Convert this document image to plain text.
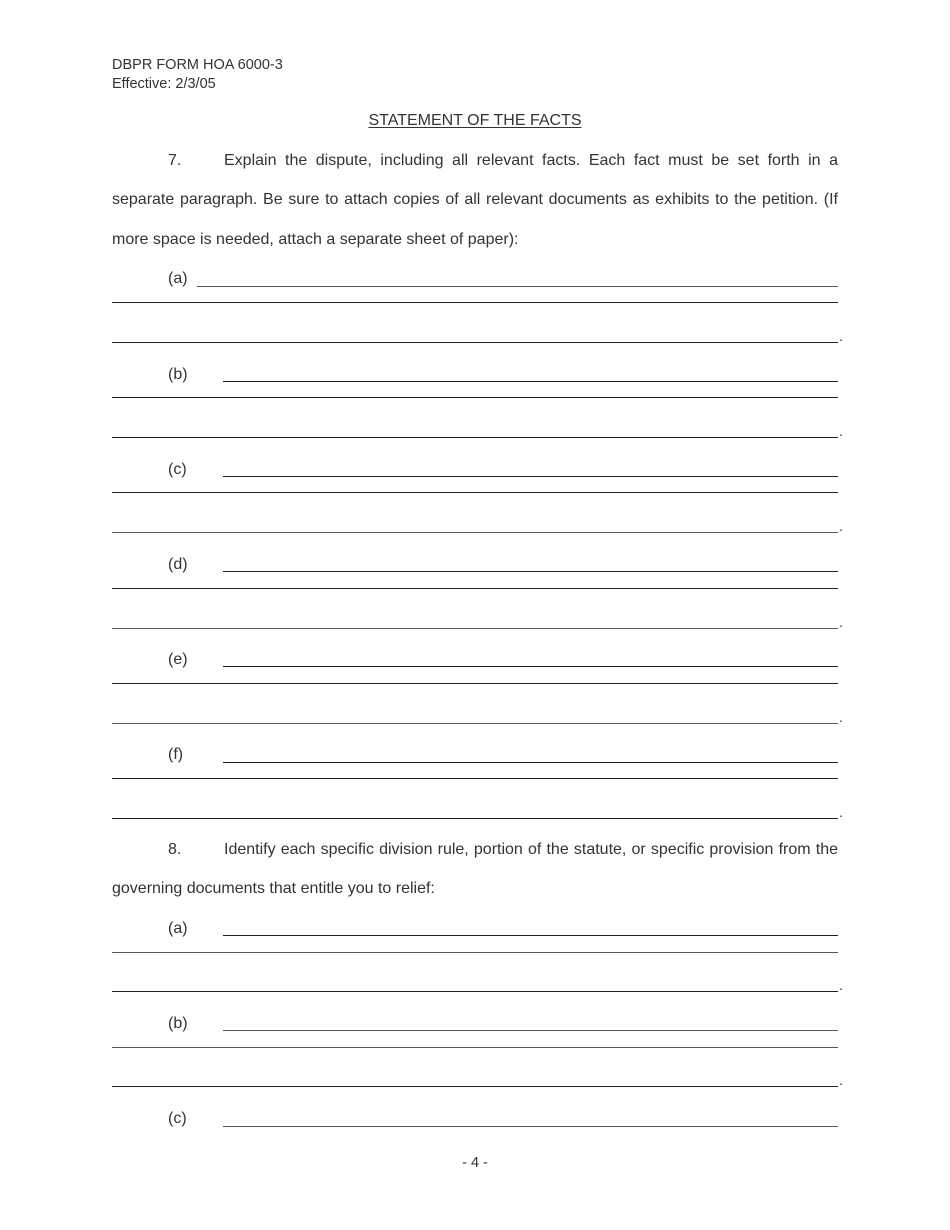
DBPR FORM HOA 6000-3
Effective: 2/3/05
STATEMENT OF THE FACTS

7.	Explain the dispute, including all relevant facts. Each fact must be set forth in a separate paragraph. Be sure to attach copies of all relevant documents as exhibits to the petition. (If more space is needed, attach a separate sheet of paper):

(a)
.
(b)
.
(c)
.
(d)
.
(e)
.
(f)
.

8.	Identify each specific division rule, portion of the statute, or specific provision from the governing documents that entitle you to relief:

(a)
.
(b)
.
(c)
- 4 -
